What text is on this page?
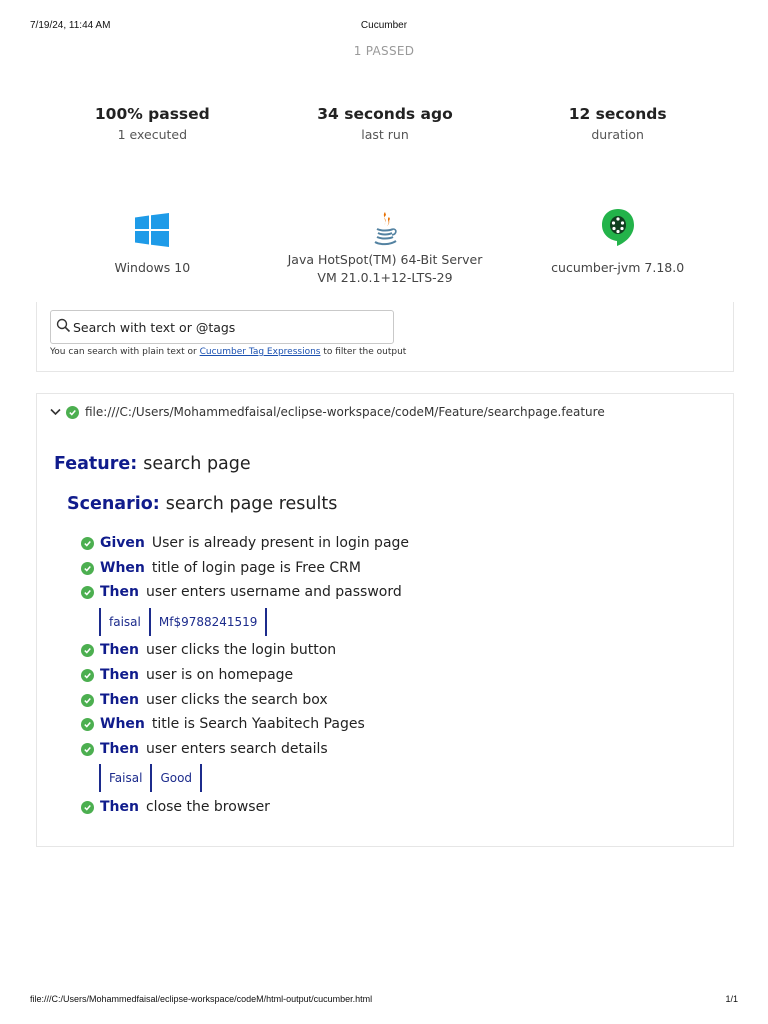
7/19/24, 11:44 AM	Cucumber
1 PASSED
100% passed
1 executed
34 seconds ago
last run
12 seconds
duration
Windows 10
Java HotSpot(TM) 64-Bit Server
VM 21.0.1+12-LTS-29
cucumber-jvm 7.18.0
Search with text or @tags
You can search with plain text or Cucumber Tag Expressions to filter the output
file:///C:/Users/Mohammedfaisal/eclipse-workspace/codeM/Feature/searchpage.feature
Feature: search page
Scenario: search page results
Given User is already present in login page
When title of login page is Free CRM
Then user enters username and password
faisal	Mf$9788241519
Then user clicks the login button
Then user is on homepage
Then user clicks the search box
When title is Search Yaabitech Pages
Then user enters search details
Faisal	Good
Then close the browser
file:///C:/Users/Mohammedfaisal/eclipse-workspace/codeM/html-output/cucumber.html	1/1
